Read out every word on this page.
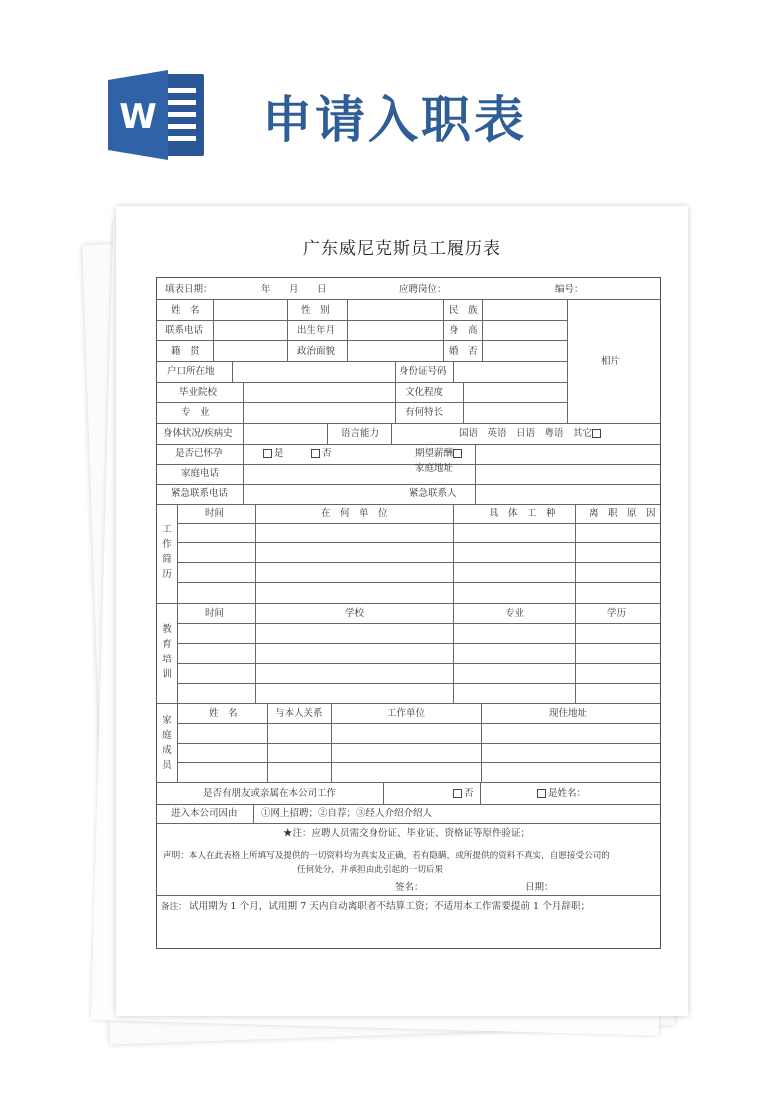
W 申请入职表
广东威尼克斯员工履历表
填表日期：	年 月 日	应聘岗位：	编号：
姓　名	性　别	民　族
联系电话	出生年月	身　高
籍　贯	政治面貌	婚　否
相片
户口所在地	身份证号码
毕业院校	文化程度
专　业	有何特长
身体状况/疾病史	语言能力	国语　英语　日语　粤语　其它
是否已怀孕	是	否	期望薪酬
家庭电话	家庭地址
紧急联系电话	紧急联系人
工作简历
时间	在　何　单　位	具　体　工　种	离　职　原　因
教育培训
时间	学校	专业	学历
家庭成员
姓　名	与本人关系	工作单位	现住地址
是否有朋友或亲属在本公司工作	否	是姓名：
进入本公司因由 ①网上招聘；②自荐；③经人介绍介绍人
★注：应聘人员需交身份证、毕业证、资格证等原件验证；
声明：本人在此表格上所填写及提供的一切资料均为真实及正确，若有隐瞒，或所提供的资料不真实，自愿接受公司的
任何处分，并承担由此引起的一切后果
签名：	日期：
备注： 试用期为 1 个月，试用期 7 天内自动离职者不结算工资；不适用本工作需要提前 1 个月辞职；
